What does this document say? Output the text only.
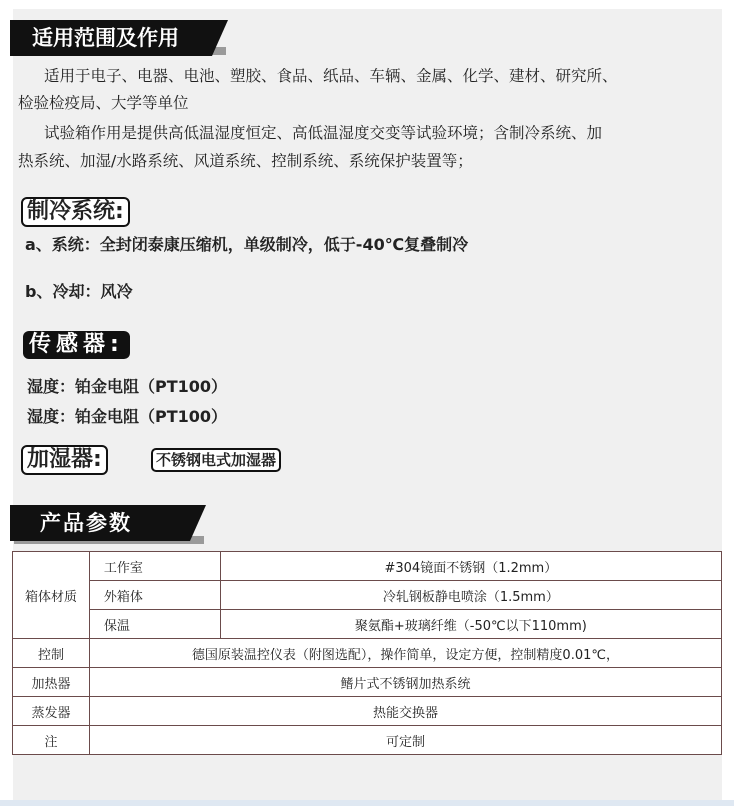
适用范围及作用
适用于电子、电器、电池、塑胶、食品、纸品、车辆、金属、化学、建材、研究所、
检验检疫局、大学等单位
试验箱作用是提供高低温湿度恒定、高低温湿度交变等试验环境；含制冷系统、加
热系统、加湿/水路系统、风道系统、控制系统、系统保护装置等；
制冷系统:
a、系统：全封闭泰康压缩机，单级制冷，低于-40℃复叠制冷
b、冷却：风冷
传感器:
湿度：铂金电阻（PT100）
湿度：铂金电阻（PT100）
加湿器:	不锈钢电式加湿器
产品参数
箱体材质	工作室	#304镜面不锈钢（1.2mm）
	外箱体	冷轧钢板静电喷涂（1.5mm）
	保温	聚氨酯+玻璃纤维（-50℃以下110mm)
控制	德国原装温控仪表（附图选配），操作简单，设定方便，控制精度0.01℃，	
加热器	鳍片式不锈钢加热系统	
蒸发器	热能交换器	
注	可定制	
